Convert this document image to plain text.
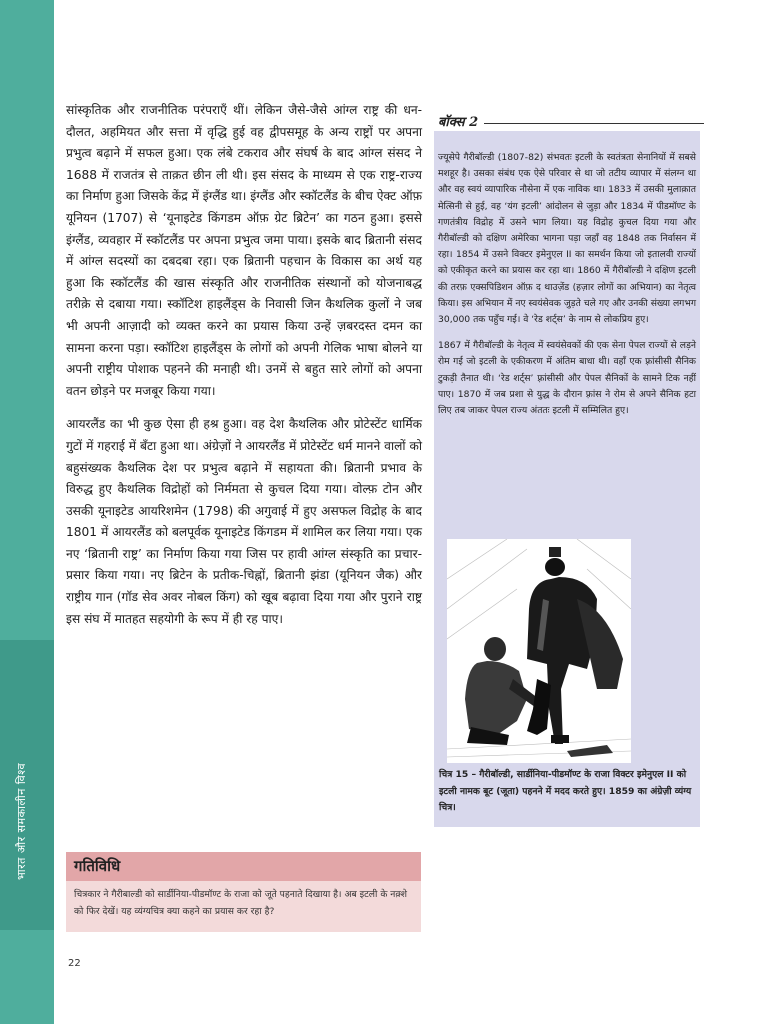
भारत और समकालीन विश्व

सांस्कृतिक और राजनीतिक परंपराएँ थीं। लेकिन जैसे-जैसे आंग्ल राष्ट्र की धन-दौलत, अहमियत और सत्ता में वृद्धि हुई वह द्वीपसमूह के अन्य राष्ट्रों पर अपना प्रभुत्व बढ़ाने में सफल हुआ। एक लंबे टकराव और संघर्ष के बाद आंग्ल संसद ने 1688 में राजतंत्र से ताक़त छीन ली थी। इस संसद के माध्यम से एक राष्ट्र-राज्य का निर्माण हुआ जिसके केंद्र में इंग्लैंड था। इंग्लैंड और स्कॉटलैंड के बीच ऐक्ट ऑफ़ यूनियन (1707) से ‘यूनाइटेड किंगडम ऑफ़ ग्रेट ब्रिटेन’ का गठन हुआ। इससे इंग्लैंड, व्यवहार में स्कॉटलैंड पर अपना प्रभुत्व जमा पाया। इसके बाद ब्रितानी संसद में आंग्ल सदस्यों का दबदबा रहा। एक ब्रितानी पहचान के विकास का अर्थ यह हुआ कि स्कॉटलैंड की खास संस्कृति और राजनीतिक संस्थानों को योजनाबद्ध तरीक़े से दबाया गया। स्कॉटिश हाइलैंड्स के निवासी जिन कैथलिक कुलों ने जब भी अपनी आज़ादी को व्यक्त करने का प्रयास किया उन्हें ज़बरदस्त दमन का सामना करना पड़ा। स्कॉटिश हाइलैंड्स के लोगों को अपनी गेलिक भाषा बोलने या अपनी राष्ट्रीय पोशाक पहनने की मनाही थी। उनमें से बहुत सारे लोगों को अपना वतन छोड़ने पर मजबूर किया गया।

आयरलैंड का भी कुछ ऐसा ही हश्र हुआ। वह देश कैथलिक और प्रोटेस्टेंट धार्मिक गुटों में गहराई में बँटा हुआ था। अंग्रेज़ों ने आयरलैंड में प्रोटेस्टेंट धर्म मानने वालों को बहुसंख्यक कैथलिक देश पर प्रभुत्व बढ़ाने में सहायता की। ब्रितानी प्रभाव के विरुद्ध हुए कैथलिक विद्रोहों को निर्ममता से कुचल दिया गया। वोल्फ़ टोन और उसकी यूनाइटेड आयरिशमेन (1798) की अगुवाई में हुए असफल विद्रोह के बाद 1801 में आयरलैंड को बलपूर्वक यूनाइटेड किंगडम में शामिल कर लिया गया। एक नए ‘ब्रितानी राष्ट्र’ का निर्माण किया गया जिस पर हावी आंग्ल संस्कृति का प्रचार-प्रसार किया गया। नए ब्रिटेन के प्रतीक-चिह्नों, ब्रितानी झंडा (यूनियन जैक) और राष्ट्रीय गान (गॉड सेव अवर नोबल किंग) को खूब बढ़ावा दिया गया और पुराने राष्ट्र इस संघ में मातहत सहयोगी के रूप में ही रह पाए।

बॉक्स 2

ज्यूसेपे गैरीबॉल्डी (1807-82) संभवतः इटली के स्वतंत्रता सेनानियों में सबसे मशहूर है। उसका संबंध एक ऐसे परिवार से था जो तटीय व्यापार में संलग्न था और वह स्वयं व्यापारिक नौसेना में एक नाविक था। 1833 में उसकी मुलाक़ात मेत्सिनी से हुई, वह ‘यंग इटली’ आंदोलन से जुड़ा और 1834 में पीडमॉण्ट के गणतंत्रीय विद्रोह में उसने भाग लिया। यह विद्रोह कुचल दिया गया और गैरीबॉल्डी को दक्षिण अमेरिका भागना पड़ा जहाँ वह 1848 तक निर्वासन में रहा। 1854 में उसने विक्टर इमेनुएल II का समर्थन किया जो इतालवी राज्यों को एकीकृत करने का प्रयास कर रहा था। 1860 में गैरीबॉल्डी ने दक्षिण इटली की तरफ़ एक्सपिडिशन ऑफ़ द थाउज़ेंड (हज़ार लोगों का अभियान) का नेतृत्व किया। इस अभियान में नए स्वयंसेवक जुड़ते चले गए और उनकी संख्या लगभग 30,000 तक पहुँच गई। वे ‘रेड शर्ट्स’ के नाम से लोकप्रिय हुए।

1867 में गैरीबॉल्डी के नेतृत्व में स्वयंसेवकों की एक सेना पेपल राज्यों से लड़ने रोम गई जो इटली के एकीकरण में अंतिम बाधा थी। वहाँ एक फ़्रांसीसी सैनिक टुकड़ी तैनात थी। ‘रेड शर्ट्स’ फ़्रांसीसी और पेपल सैनिकों के सामने टिक नहीं पाए। 1870 में जब प्रशा से युद्ध के दौरान फ़्रांस ने रोम से अपने सैनिक हटा लिए तब जाकर पेपल राज्य अंततः इटली में सम्मिलित हुए।

चित्र 15 – गैरीबॉल्डी, सार्डीनिया-पीडमॉण्ट के राजा विक्टर इमेनुएल II को इटली नामक बूट (जूता) पहनने में मदद करते हुए। 1859 का अंग्रेज़ी व्यंग्य चित्र।
गतिविधि
चित्रकार ने गैरीबाल्डी को सार्डीनिया-पीडमॉण्ट के राजा को जूते पहनाते दिखाया है। अब इटली के नक़्शे को फिर देखें। यह व्यंग्यचित्र क्या कहने का प्रयास कर रहा है?
22
